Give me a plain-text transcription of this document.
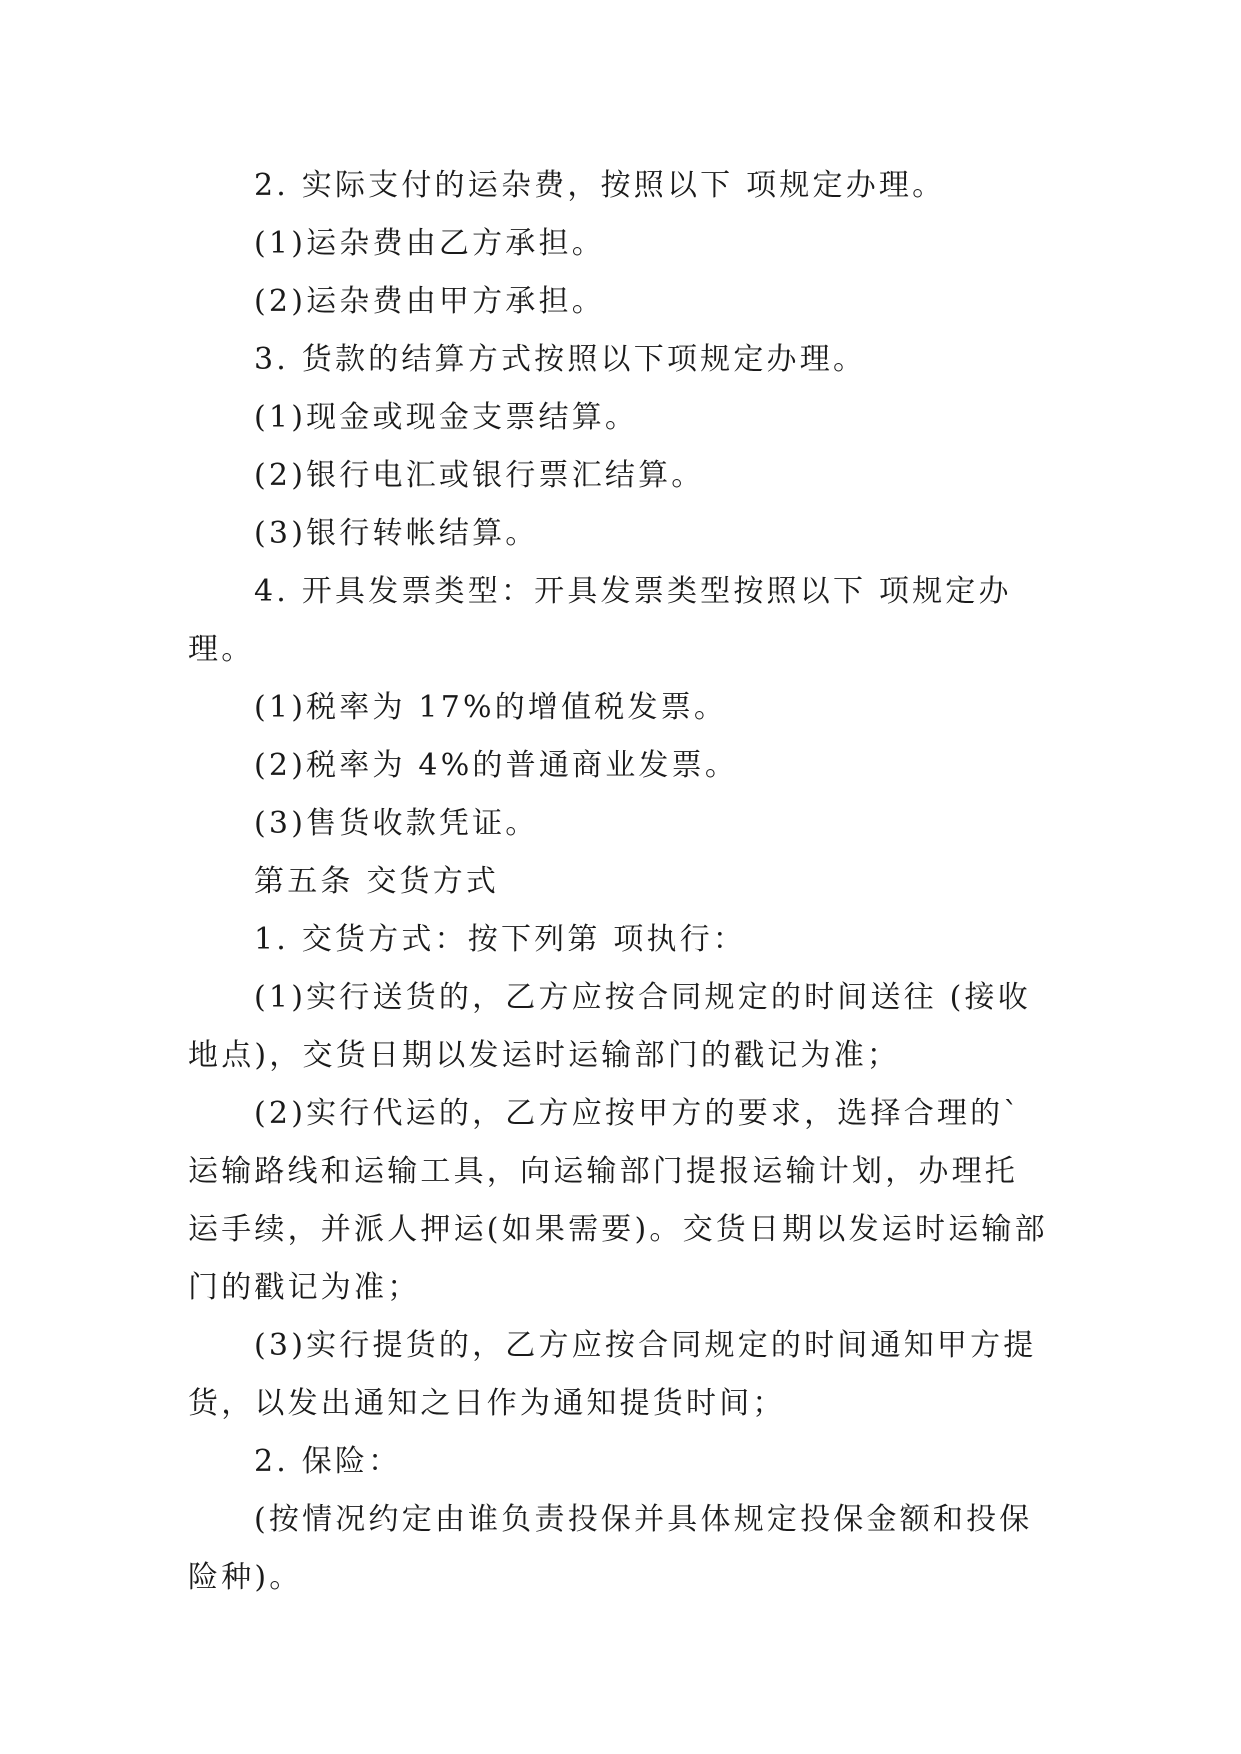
2. 实际支付的运杂费，按照以下 项规定办理。

(1)运杂费由乙方承担。

(2)运杂费由甲方承担。

3. 货款的结算方式按照以下项规定办理。

(1)现金或现金支票结算。

(2)银行电汇或银行票汇结算。

(3)银行转帐结算。

4. 开具发票类型：开具发票类型按照以下 项规定办理。

(1)税率为 17%的增值税发票。

(2)税率为 4%的普通商业发票。

(3)售货收款凭证。

第五条 交货方式

1. 交货方式：按下列第 项执行：

(1)实行送货的，乙方应按合同规定的时间送往 (接收地点)，交货日期以发运时运输部门的戳记为准；

(2)实行代运的，乙方应按甲方的要求，选择合理的`运输路线和运输工具，向运输部门提报运输计划，办理托运手续，并派人押运(如果需要)。交货日期以发运时运输部门的戳记为准；

(3)实行提货的，乙方应按合同规定的时间通知甲方提货，以发出通知之日作为通知提货时间；

2. 保险：

(按情况约定由谁负责投保并具体规定投保金额和投保险种)。
